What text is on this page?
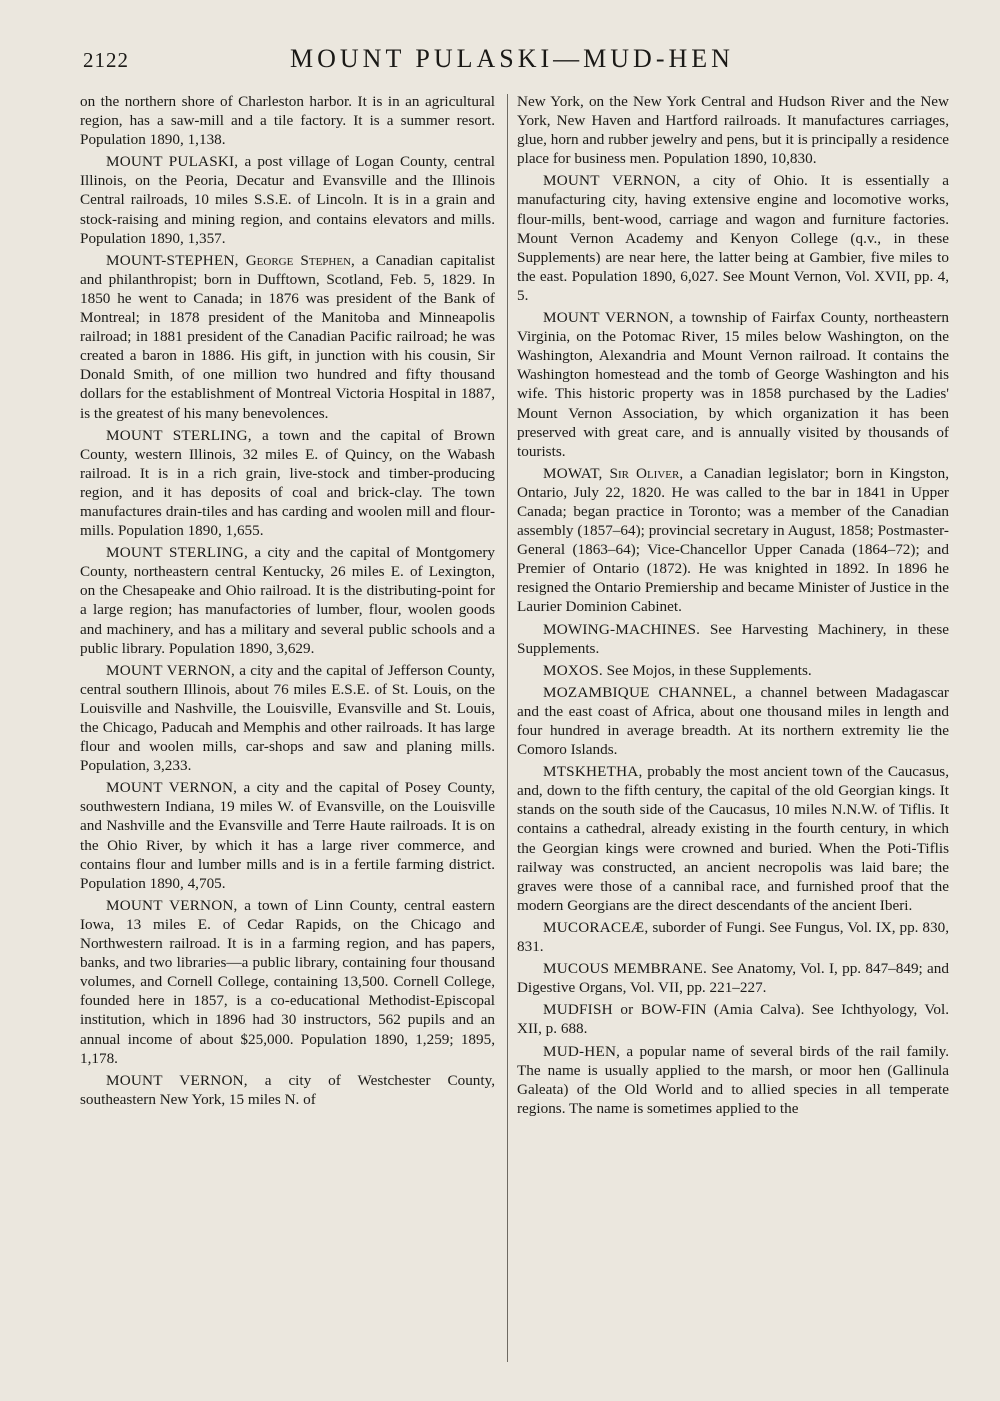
2122	MOUNT PULASKI—MUD-HEN

on the northern shore of Charleston harbor. It is in an agricultural region, has a saw-mill and a tile factory. It is a summer resort. Population 1890, 1,138.

MOUNT PULASKI, a post village of Logan County, central Illinois, on the Peoria, Decatur and Evansville and the Illinois Central railroads, 10 miles S.S.E. of Lincoln. It is in a grain and stock-raising and mining region, and contains elevators and mills. Population 1890, 1,357.

MOUNT-STEPHEN, George Stephen, a Canadian capitalist and philanthropist; born in Dufftown, Scotland, Feb. 5, 1829. In 1850 he went to Canada; in 1876 was president of the Bank of Montreal; in 1878 president of the Manitoba and Minneapolis railroad; in 1881 president of the Canadian Pacific railroad; he was created a baron in 1886. His gift, in junction with his cousin, Sir Donald Smith, of one million two hundred and fifty thousand dollars for the establishment of Montreal Victoria Hospital in 1887, is the greatest of his many benevolences.

MOUNT STERLING, a town and the capital of Brown County, western Illinois, 32 miles E. of Quincy, on the Wabash railroad. It is in a rich grain, live-stock and timber-producing region, and it has deposits of coal and brick-clay. The town manufactures drain-tiles and has carding and woolen mill and flour-mills. Population 1890, 1,655.

MOUNT STERLING, a city and the capital of Montgomery County, northeastern central Kentucky, 26 miles E. of Lexington, on the Chesapeake and Ohio railroad. It is the distributing-point for a large region; has manufactories of lumber, flour, woolen goods and machinery, and has a military and several public schools and a public library. Population 1890, 3,629.

MOUNT VERNON, a city and the capital of Jefferson County, central southern Illinois, about 76 miles E.S.E. of St. Louis, on the Louisville and Nashville, the Louisville, Evansville and St. Louis, the Chicago, Paducah and Memphis and other railroads. It has large flour and woolen mills, car-shops and saw and planing mills. Population, 3,233.

MOUNT VERNON, a city and the capital of Posey County, southwestern Indiana, 19 miles W. of Evansville, on the Louisville and Nashville and the Evansville and Terre Haute railroads. It is on the Ohio River, by which it has a large river commerce, and contains flour and lumber mills and is in a fertile farming district. Population 1890, 4,705.

MOUNT VERNON, a town of Linn County, central eastern Iowa, 13 miles E. of Cedar Rapids, on the Chicago and Northwestern railroad. It is in a farming region, and has papers, banks, and two libraries—a public library, containing four thousand volumes, and Cornell College, containing 13,500. Cornell College, founded here in 1857, is a co-educational Methodist-Episcopal institution, which in 1896 had 30 instructors, 562 pupils and an annual income of about $25,000. Population 1890, 1,259; 1895, 1,178.

MOUNT VERNON, a city of Westchester County, southeastern New York, 15 miles N. of

New York, on the New York Central and Hudson River and the New York, New Haven and Hartford railroads. It manufactures carriages, glue, horn and rubber jewelry and pens, but it is principally a residence place for business men. Population 1890, 10,830.

MOUNT VERNON, a city of Ohio. It is essentially a manufacturing city, having extensive engine and locomotive works, flour-mills, bent-wood, carriage and wagon and furniture factories. Mount Vernon Academy and Kenyon College (q.v., in these Supplements) are near here, the latter being at Gambier, five miles to the east. Population 1890, 6,027. See Mount Vernon, Vol. XVII, pp. 4, 5.

MOUNT VERNON, a township of Fairfax County, northeastern Virginia, on the Potomac River, 15 miles below Washington, on the Washington, Alexandria and Mount Vernon railroad. It contains the Washington homestead and the tomb of George Washington and his wife. This historic property was in 1858 purchased by the Ladies' Mount Vernon Association, by which organization it has been preserved with great care, and is annually visited by thousands of tourists.

MOWAT, Sir Oliver, a Canadian legislator; born in Kingston, Ontario, July 22, 1820. He was called to the bar in 1841 in Upper Canada; began practice in Toronto; was a member of the Canadian assembly (1857–64); provincial secretary in August, 1858; Postmaster-General (1863–64); Vice-Chancellor Upper Canada (1864–72); and Premier of Ontario (1872). He was knighted in 1892. In 1896 he resigned the Ontario Premiership and became Minister of Justice in the Laurier Dominion Cabinet.

MOWING-MACHINES. See Harvesting Machinery, in these Supplements.

MOXOS. See Mojos, in these Supplements.

MOZAMBIQUE CHANNEL, a channel between Madagascar and the east coast of Africa, about one thousand miles in length and four hundred in average breadth. At its northern extremity lie the Comoro Islands.

MTSKHETHA, probably the most ancient town of the Caucasus, and, down to the fifth century, the capital of the old Georgian kings. It stands on the south side of the Caucasus, 10 miles N.N.W. of Tiflis. It contains a cathedral, already existing in the fourth century, in which the Georgian kings were crowned and buried. When the Poti-Tiflis railway was constructed, an ancient necropolis was laid bare; the graves were those of a cannibal race, and furnished proof that the modern Georgians are the direct descendants of the ancient Iberi.

MUCORACEÆ, suborder of Fungi. See Fungus, Vol. IX, pp. 830, 831.

MUCOUS MEMBRANE. See Anatomy, Vol. I, pp. 847–849; and Digestive Organs, Vol. VII, pp. 221–227.

MUDFISH or BOW-FIN (Amia Calva). See Ichthyology, Vol. XII, p. 688.

MUD-HEN, a popular name of several birds of the rail family. The name is usually applied to the marsh, or moor hen (Gallinula Galeata) of the Old World and to allied species in all temperate regions. The name is sometimes applied to the
